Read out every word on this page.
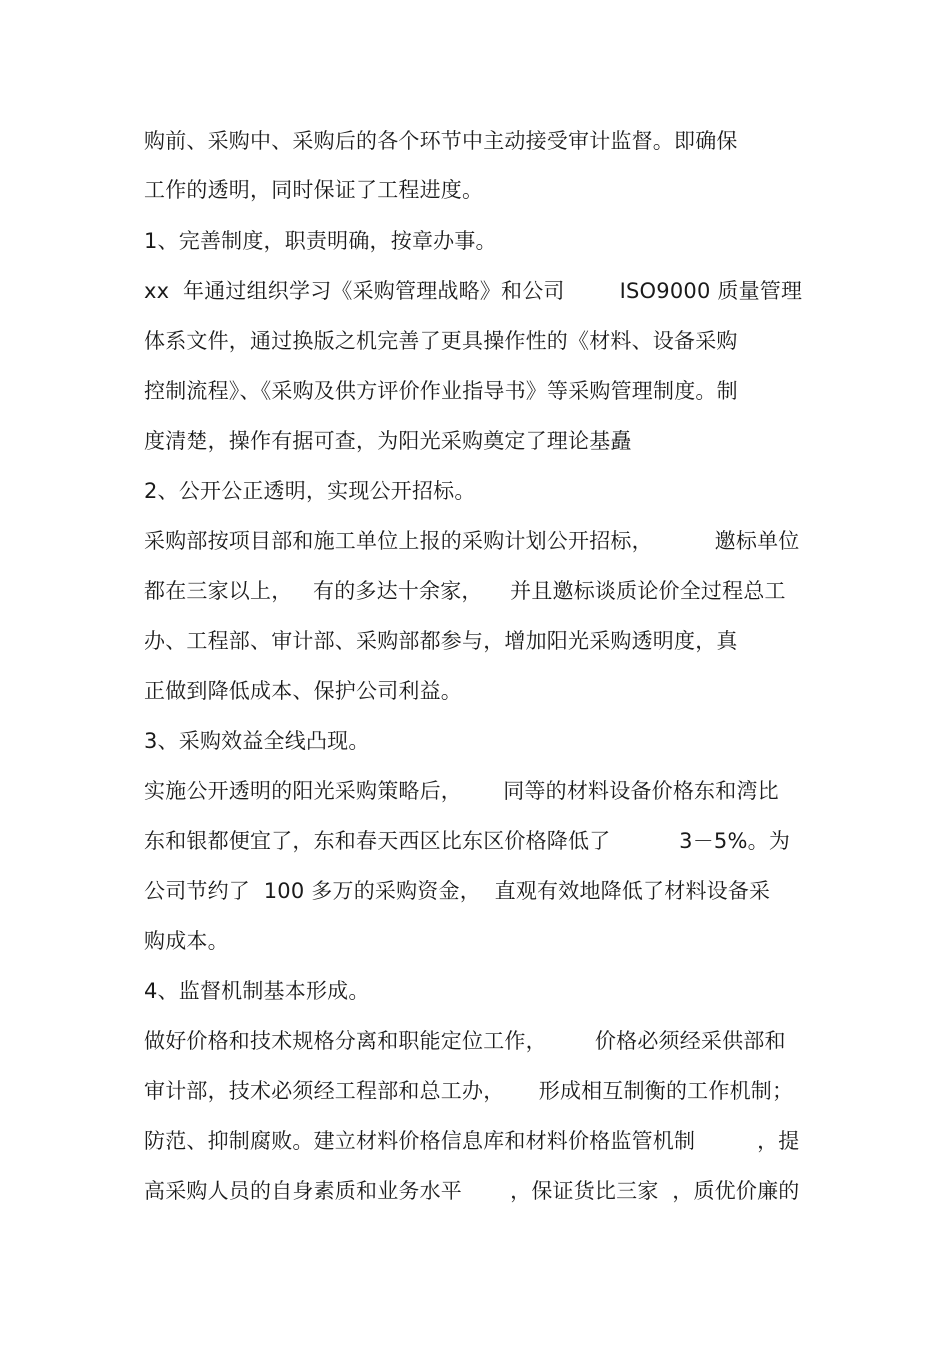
购前、采购中、采购后的各个环节中主动接受审计监督。即确保

工作的透明，同时保证了工程进度。

1、完善制度，职责明确，按章办事。

xx  年通过组织学习《采购管理战略》和公司        ISO9000 质量管理

体系文件，通过换版之机完善了更具操作性的《材料、设备采购

控制流程》、《采购及供方评价作业指导书》等采购管理制度。制

度清楚，操作有据可查，为阳光采购奠定了理论基矗

2、公开公正透明，实现公开招标。

采购部按项目部和施工单位上报的采购计划公开招标，         邀标单位

都在三家以上，   有的多达十余家，    并且邀标谈质论价全过程总工

办、工程部、审计部、采购部都参与，增加阳光采购透明度，真

正做到降低成本、保护公司利益。

3、采购效益全线凸现。

实施公开透明的阳光采购策略后，      同等的材料设备价格东和湾比

东和银都便宜了，东和春天西区比东区价格降低了          3－5%。为

公司节约了  100 多万的采购资金，  直观有效地降低了材料设备采

购成本。

4、监督机制基本形成。

做好价格和技术规格分离和职能定位工作，       价格必须经采供部和

审计部，技术必须经工程部和总工办，     形成相互制衡的工作机制；

防范、抑制腐败。建立材料价格信息库和材料价格监管机制         ，提

高采购人员的自身素质和业务水平       ，保证货比三家  ，质优价廉的
